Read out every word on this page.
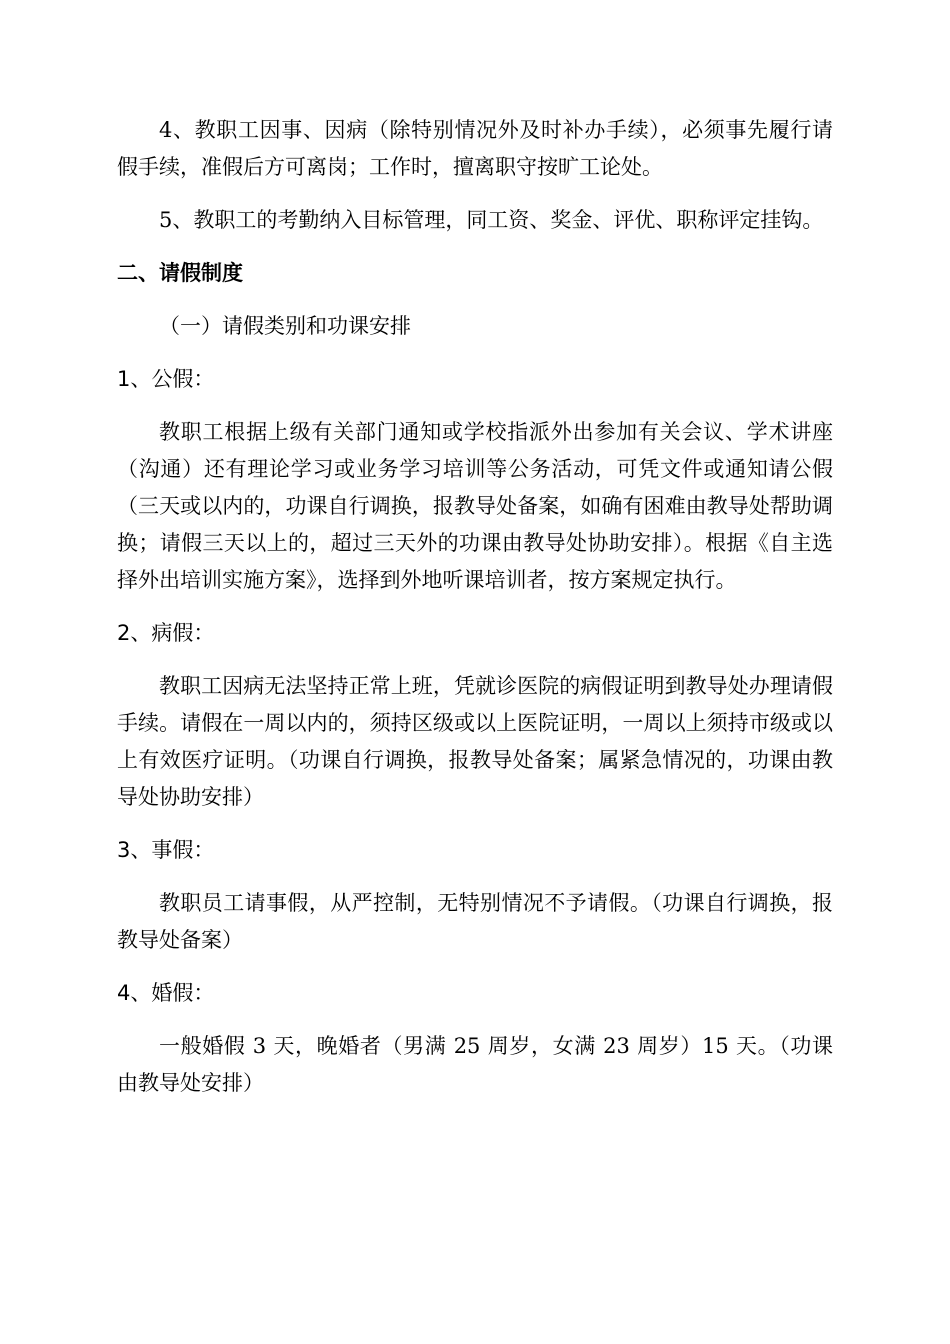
4、教职工因事、因病（除特别情况外及时补办手续），必须事先履行请假手续，准假后方可离岗；工作时，擅离职守按旷工论处。

5、教职工的考勤纳入目标管理，同工资、奖金、评优、职称评定挂钩。

二、请假制度

（一）请假类别和功课安排

1、公假：

教职工根据上级有关部门通知或学校指派外出参加有关会议、学术讲座（沟通）还有理论学习或业务学习培训等公务活动，可凭文件或通知请公假（三天或以内的，功课自行调换，报教导处备案，如确有困难由教导处帮助调换；请假三天以上的，超过三天外的功课由教导处协助安排）。根据《自主选择外出培训实施方案》，选择到外地听课培训者，按方案规定执行。

2、病假：

教职工因病无法坚持正常上班，凭就诊医院的病假证明到教导处办理请假手续。请假在一周以内的，须持区级或以上医院证明，一周以上须持市级或以上有效医疗证明。（功课自行调换，报教导处备案；属紧急情况的，功课由教导处协助安排）

3、事假：

教职员工请事假，从严控制，无特别情况不予请假。（功课自行调换，报教导处备案）

4、婚假：

一般婚假 3 天，晚婚者（男满 25 周岁，女满 23 周岁）15 天。（功课由教导处安排）
